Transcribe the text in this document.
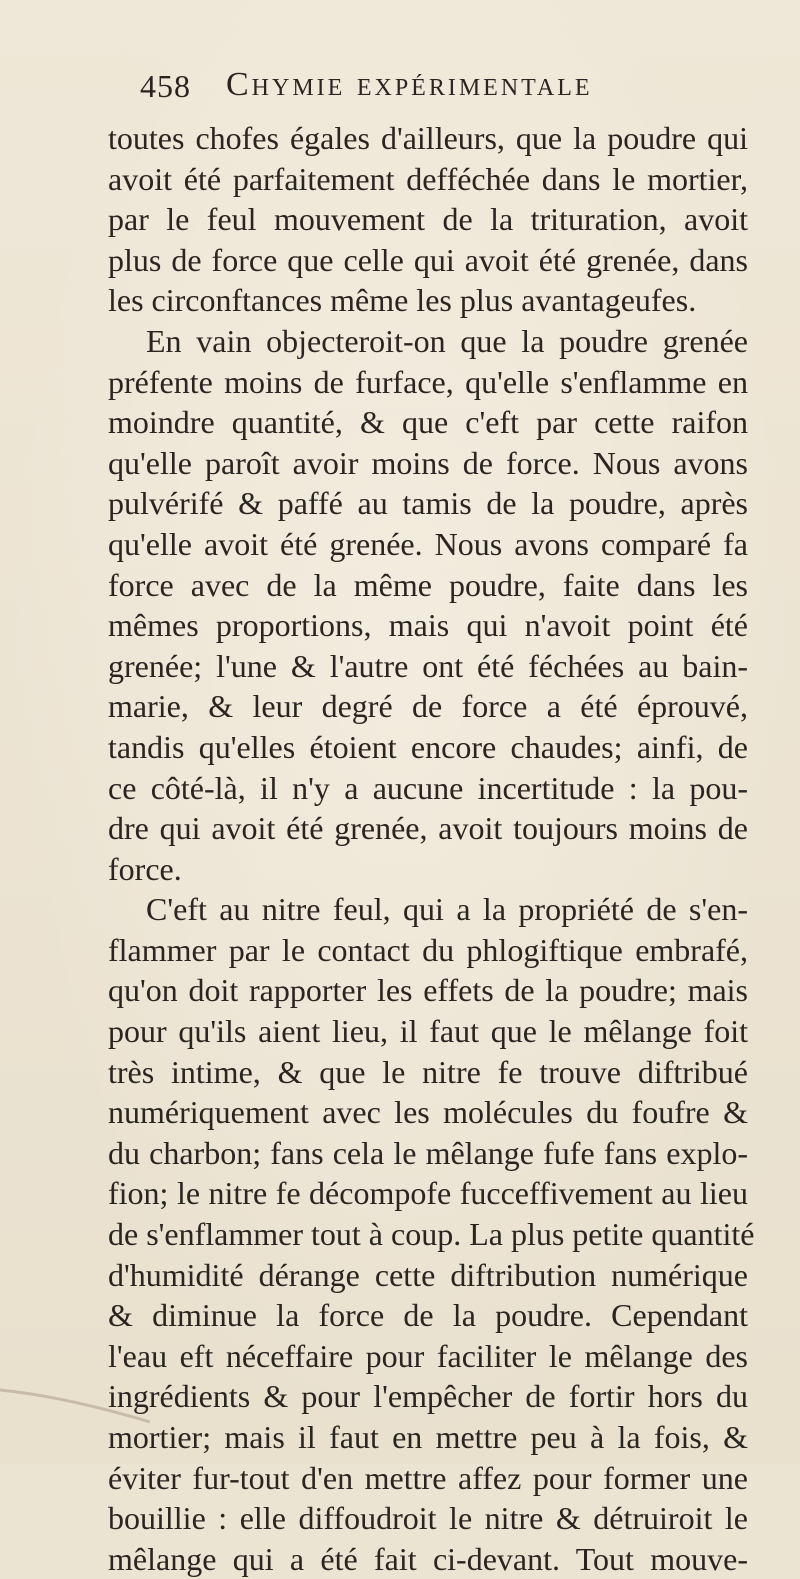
458 Chymie expérimentale
toutes chofes égales d'ailleurs, que la poudre qui
avoit été parfaitement defféchée dans le mortier,
par le feul mouvement de la trituration, avoit
plus de force que celle qui avoit été grenée, dans
les circonftances même les plus avantageufes.
En vain objecteroit-on que la poudre grenée
préfente moins de furface, qu'elle s'enflamme en
moindre quantité, & que c'eft par cette raifon
qu'elle paroît avoir moins de force. Nous avons
pulvérifé & paffé au tamis de la poudre, après
qu'elle avoit été grenée. Nous avons comparé fa
force avec de la même poudre, faite dans les
mêmes proportions, mais qui n'avoit point été
grenée; l'une & l'autre ont été féchées au bain-
marie, & leur degré de force a été éprouvé,
tandis qu'elles étoient encore chaudes; ainfi, de
ce côté-là, il n'y a aucune incertitude : la pou-
dre qui avoit été grenée, avoit toujours moins de
force.
C'eft au nitre feul, qui a la propriété de s'en-
flammer par le contact du phlogiftique embrafé,
qu'on doit rapporter les effets de la poudre; mais
pour qu'ils aient lieu, il faut que le mêlange foit
très intime, & que le nitre fe trouve diftribué
numériquement avec les molécules du foufre &
du charbon; fans cela le mêlange fufe fans explo-
fion; le nitre fe décompofe fucceffivement au lieu
de s'enflammer tout à coup. La plus petite quantité
d'humidité dérange cette diftribution numérique
& diminue la force de la poudre. Cependant
l'eau eft néceffaire pour faciliter le mêlange des
ingrédients & pour l'empêcher de fortir hors du
mortier; mais il faut en mettre peu à la fois, &
éviter fur-tout d'en mettre affez pour former une
bouillie : elle diffoudroit le nitre & détruiroit le
mêlange qui a été fait ci-devant. Tout mouve-
